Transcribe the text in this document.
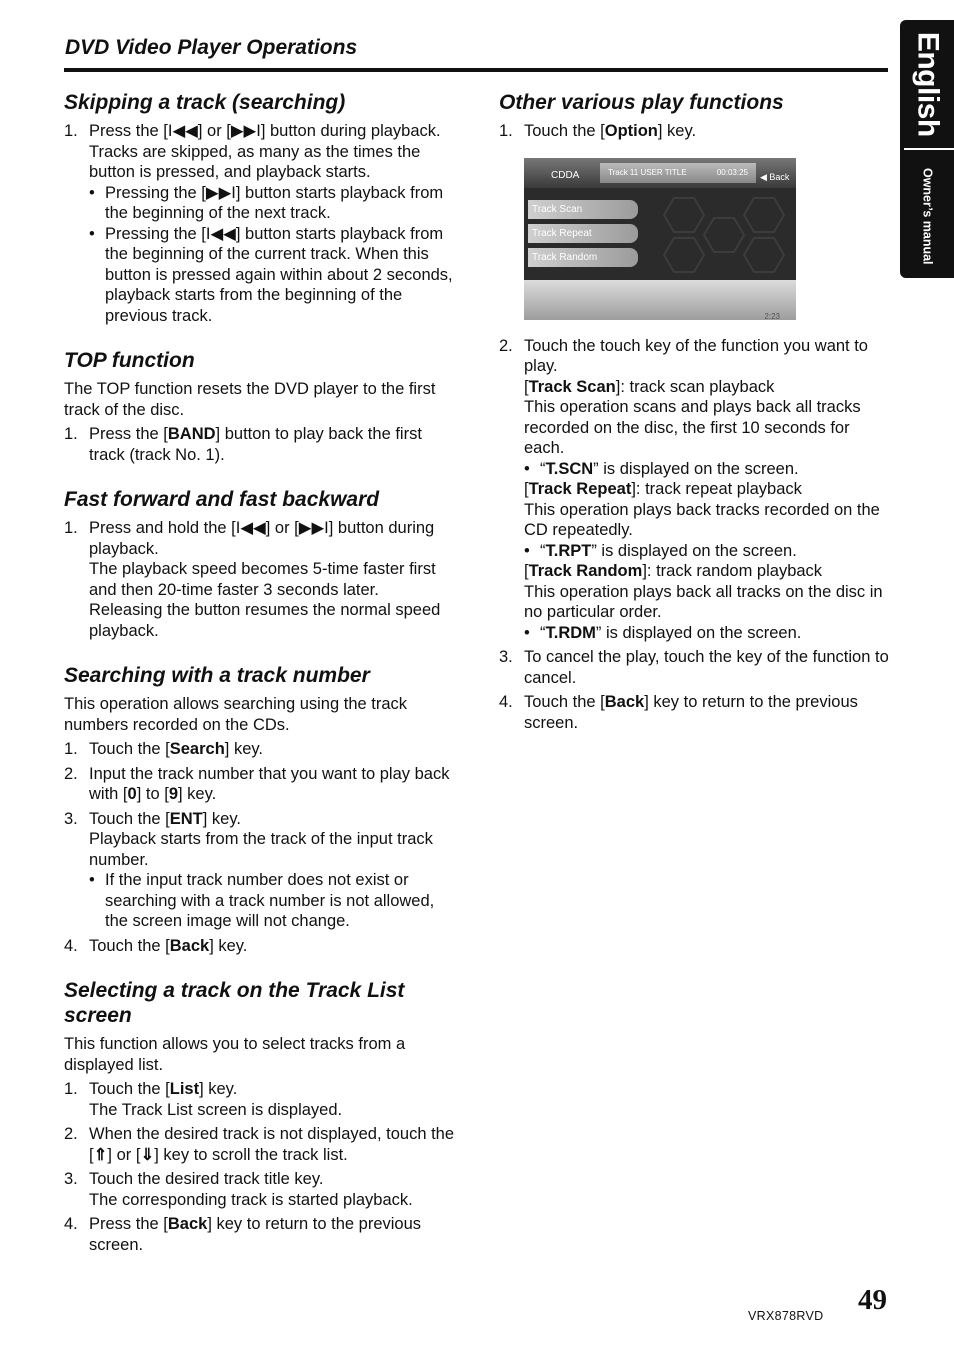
DVD Video Player Operations	English
Owner’s manual
Skipping a track (searching)
1. Press the [I◀◀] or [▶▶I] button during playback.

Tracks are skipped, as many as the times the button is pressed, and playback starts.

• Pressing the [▶▶I] button starts playback from the beginning of the next track.
• Pressing the [I◀◀] button starts playback from the beginning of the current track. When this button is pressed again within about 2 seconds, playback starts from the beginning of the previous track.
TOP function

The TOP function resets the DVD player to the first track of the disc.

1. Press the [BAND] button to play back the first track (track No. 1).

Fast forward and fast backward
1. Press and hold the [I◀◀] or [▶▶I] button during playback.

The playback speed becomes 5-time faster first and then 20-time faster 3 seconds later. Releasing the button resumes the normal speed playback.

Searching with a track number

This operation allows searching using the track numbers recorded on the CDs.

1. Touch the [Search] key.

2. Input the track number that you want to play back with [0] to [9] key.

3. Touch the [ENT] key.

Playback starts from the track of the input track number.

• If the input track number does not exist or searching with a track number is not allowed, the screen image will not change.
4. Touch the [Back] key.

Selecting a track on the Track List screen

This function allows you to select tracks from a displayed list.

1. Touch the [List] key.

The Track List screen is displayed.

2. When the desired track is not displayed, touch the [⇑] or [⇓] key to scroll the track list.

3. Touch the desired track title key.

The corresponding track is started playback.

4. Press the [Back] key to return to the previous screen.

Other various play functions
1. Touch the [Option] key.

CDDA	Track 11 USER TITLE	00:03:25 ◀ Back
Track Scan
Track Repeat
Track Random
2:23
2. Touch the touch key of the function you want to play.

[Track Scan]: track scan playback

This operation scans and plays back all tracks recorded on the disc, the first 10 seconds for each.

• “T.SCN” is displayed on the screen.

[Track Repeat]: track repeat playback

This operation plays back tracks recorded on the CD repeatedly.

• “T.RPT” is displayed on the screen.

[Track Random]: track random playback

This operation plays back all tracks on the disc in no particular order.

• “T.RDM” is displayed on the screen.
3. To cancel the play, touch the key of the function to cancel.

4. Touch the [Back] key to return to the previous screen.

VRX878RVD 49
